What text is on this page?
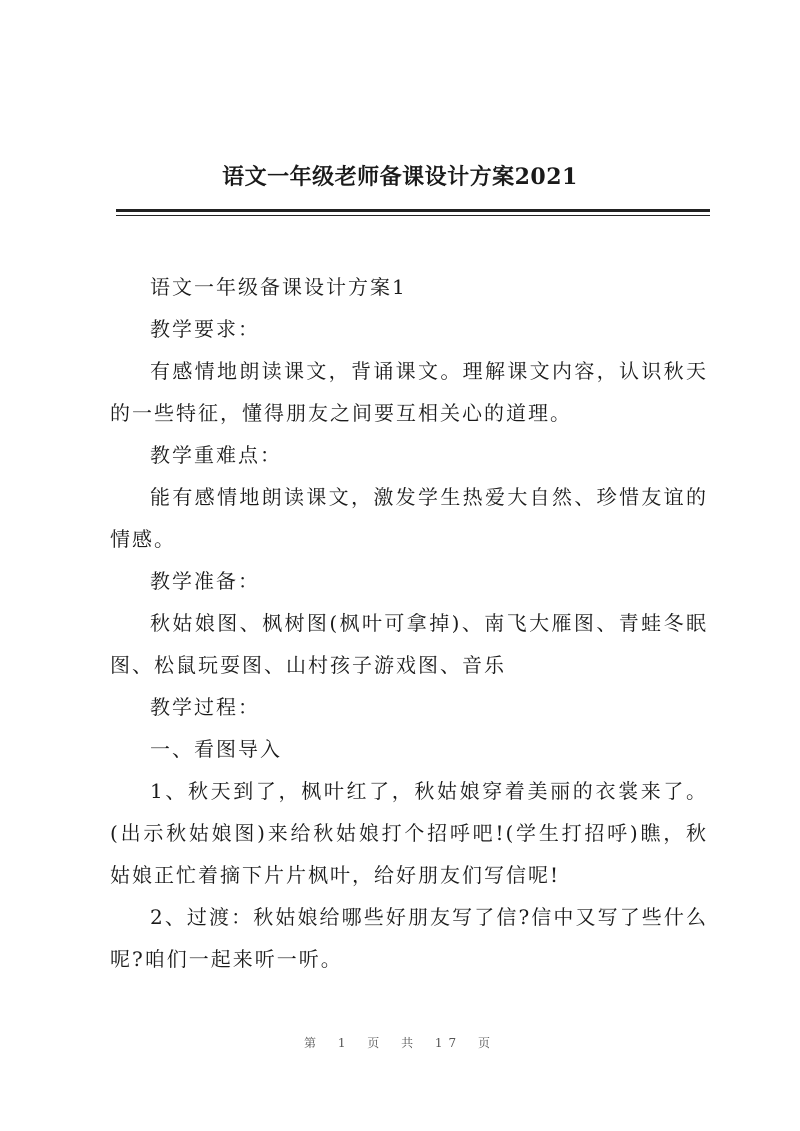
语文一年级老师备课设计方案2021

语文一年级备课设计方案1

教学要求：

有感情地朗读课文，背诵课文。理解课文内容，认识秋天的一些特征，懂得朋友之间要互相关心的道理。

教学重难点：

能有感情地朗读课文，激发学生热爱大自然、珍惜友谊的情感。

教学准备：

秋姑娘图、枫树图(枫叶可拿掉)、南飞大雁图、青蛙冬眠图、松鼠玩耍图、山村孩子游戏图、音乐

教学过程：

一、看图导入

1、秋天到了，枫叶红了，秋姑娘穿着美丽的衣裳来了。(出示秋姑娘图)来给秋姑娘打个招呼吧!(学生打招呼)瞧，秋姑娘正忙着摘下片片枫叶，给好朋友们写信呢!

2、过渡：秋姑娘给哪些好朋友写了信?信中又写了些什么呢?咱们一起来听一听。

第 1 页 共 17 页
